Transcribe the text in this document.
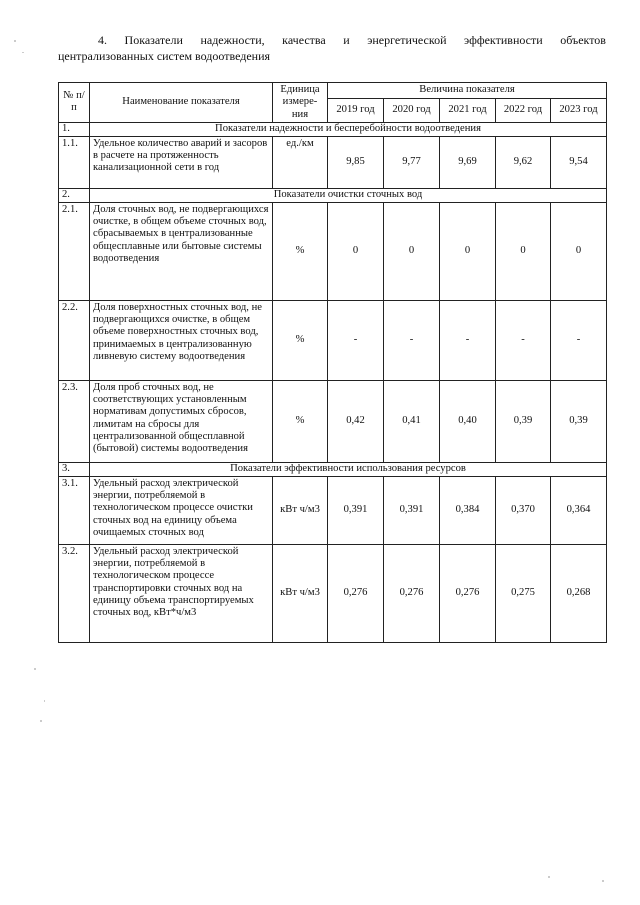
4. Показатели надежности, качества и энергетической эффективности объектов
централизованных систем водоотведения
№ п/п	Наименование показателя	Единица измере-ния	Величина показателя				
			2019 год	2020 год	2021 год	2022 год	2023 год
1.	Показатели надежности и бесперебойности водоотведения						
1.1.	Удельное количество аварий и засоров в расчете на протяженность канализационной сети в год	ед./км	9,85	9,77	9,69	9,62	9,54
2.	Показатели очистки сточных вод						
2.1.	Доля сточных вод, не подвергающихся очистке, в общем объеме сточных вод, сбрасываемых в централизованные общесплавные или бытовые системы водоотведения	%	0	0	0	0	0
2.2.	Доля поверхностных сточных вод, не подвергающихся очистке, в общем объеме поверхностных сточных вод, принимаемых в централизованную ливневую систему водоотведения	%	-	-	-	-	-
2.3.	Доля проб сточных вод, не соответствующих установленным нормативам допустимых сбросов, лимитам на сбросы для централизованной общесплавной (бытовой) системы водоотведения	%	0,42	0,41	0,40	0,39	0,39
3.	Показатели эффективности использования ресурсов						
3.1.	Удельный расход электрической энергии, потребляемой в технологическом процессе очистки сточных вод на единицу объема очищаемых сточных вод	кВт ч/м3	0,391	0,391	0,384	0,370	0,364
3.2.	Удельный расход электрической энергии, потребляемой в технологическом процессе транспортировки сточных вод на единицу объема транспортируемых сточных вод, кВт*ч/м3	кВт ч/м3	0,276	0,276	0,276	0,275	0,268
